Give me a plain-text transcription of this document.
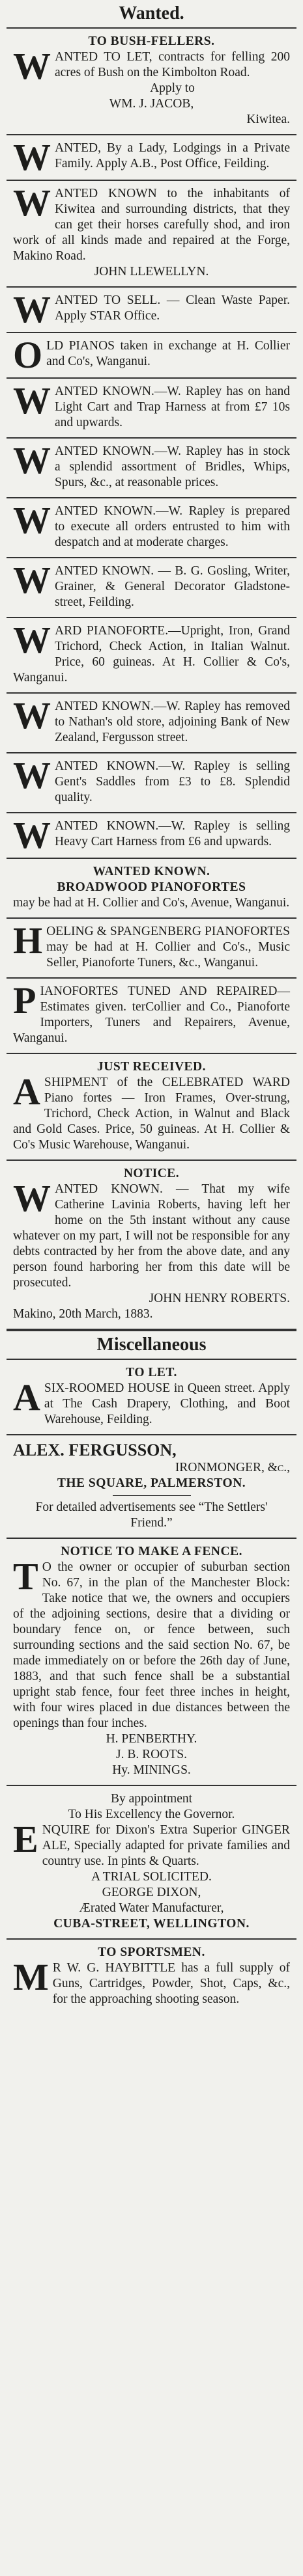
Wanted.

TO BUSH-FELLERS.

WANTED TO LET, contracts for felling 200 acres of Bush on the Kimbolton Road.

Apply to

WM. J. JACOB,

Kiwitea.

WANTED, By a Lady, Lodgings in a Private Family. Apply A.B., Post Office, Feilding.

WANTED KNOWN to the inhabitants of Kiwitea and surrounding districts, that they can get their horses carefully shod, and iron work of all kinds made and repaired at the Forge, Makino Road.

JOHN LLEWELLYN.

WANTED TO SELL. — Clean Waste Paper. Apply STAR Office.

OLD PIANOS taken in exchange at H. Collier and Co's, Wanganui.

WANTED KNOWN.—W. Rapley has on hand Light Cart and Trap Harness at from £7 10s and upwards.

WANTED KNOWN.—W. Rapley has in stock a splendid assortment of Bridles, Whips, Spurs, &c., at reasonable prices.

WANTED KNOWN.—W. Rapley is prepared to execute all orders entrusted to him with despatch and at moderate charges.

WANTED KNOWN. — B. G. Gosling, Writer, Grainer, & General Decorator Gladstone-street, Feilding.

WARD PIANOFORTE.—Upright, Iron, Grand Trichord, Check Action, in Italian Walnut. Price, 60 guineas. At H. Collier & Co's, Wanganui.

WANTED KNOWN.—W. Rapley has removed to Nathan's old store, adjoining Bank of New Zealand, Fergusson street.

WANTED KNOWN.—W. Rapley is selling Gent's Saddles from £3 to £8. Splendid quality.

WANTED KNOWN.—W. Rapley is selling Heavy Cart Harness from £6 and upwards.

WANTED KNOWN.

BROADWOOD PIANOFORTES

may be had at H. Collier and Co's, Avenue, Wanganui.

HOELING & SPANGENBERG PIANOFORTES may be had at H. Collier and Co's., Music Seller, Pianoforte Tuners, &c., Wanganui.

PIANOFORTES TUNED AND REPAIRED—Estimates given. terCollier and Co., Pianoforte Importers, Tuners and Repairers, Avenue, Wanganui.

JUST RECEIVED.

ASHIPMENT of the CELEBRATED WARD Piano fortes — Iron Frames, Over-strung, Trichord, Check Action, in Walnut and Black and Gold Cases. Price, 50 guineas. At H. Collier & Co's Music Warehouse, Wanganui.

NOTICE.

WANTED KNOWN. — That my wife Catherine Lavinia Roberts, having left her home on the 5th instant without any cause whatever on my part, I will not be responsible for any debts contracted by her from the above date, and any person found harboring her from this date will be prosecuted.

JOHN HENRY ROBERTS.

Makino, 20th March, 1883.

Miscellaneous

TO LET.

ASIX-ROOMED HOUSE in Queen street. Apply at The Cash Drapery, Clothing, and Boot Warehouse, Feilding.

ALEX. FERGUSSON,

IRONMONGER, &c.,

THE SQUARE, PALMERSTON.

For detailed advertisements see “The Settlers' Friend.”

NOTICE TO MAKE A FENCE.

T O the owner or occupier of suburban section No. 67, in the plan of the Manchester Block: Take notice that we, the owners and occupiers of the adjoining sections, desire that a dividing or boundary fence on, or fence between, such surrounding sections and the said section No. 67, be made immediately on or before the 26th day of June, 1883, and that such fence shall be a substantial upright stab fence, four feet three inches in height, with four wires placed in due distances between the openings than four inches.

H. PENBERTHY.

J. B. ROOTS.

Hy. MININGS.

By appointment

To His Excellency the Governor.

ENQUIRE for Dixon's Extra Superior GINGER ALE, Specially adapted for private families and country use. In pints & Quarts.

A TRIAL SOLICITED.

GEORGE DIXON,

Ærated Water Manufacturer,

CUBA-STREET, WELLINGTON.

TO SPORTSMEN.

M R W. G. HAYBITTLE has a full supply of Guns, Cartridges, Powder, Shot, Caps, &c., for the approaching shooting season.
